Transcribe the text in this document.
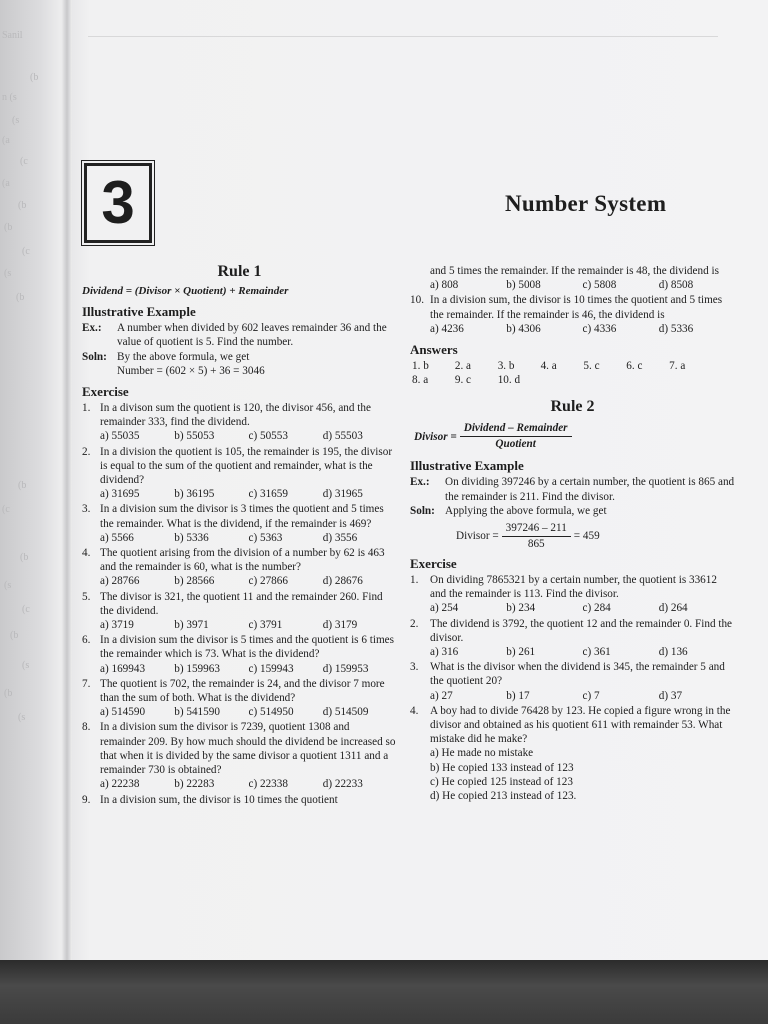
Sanil
(b
n (s
(s
(a
(c
(a
(b
(b
(c
(s
(b
(b
(c
(b
(s
(c
(b
(s
(b
(s
3	Number System
Rule 1
Dividend = (Divisor × Quotient) + Remainder
Illustrative Example
Ex.:	A number when divided by 602 leaves remainder 36 and the value of quotient is 5. Find the number.
Soln: By the above formula, we get
Number = (602 × 5) + 36 = 3046
Exercise
1. In a divison sum the quotient is 120, the divisor 456, and the remainder 333, find the dividend.
a) 55035	b) 55053	c) 50553	d) 55503
2. In a division the quotient is 105, the remainder is 195, the divisor is equal to the sum of the quotient and remainder, what is the dividend?
a) 31695	b) 36195	c) 31659	d) 31965
3. In a division sum the divisor is 3 times the quotient and 5 times the remainder. What is the dividend, if the remainder is 469?
a) 5566	b) 5336	c) 5363	d) 3556
4. The quotient arising from the division of a number by 62 is 463 and the remainder is 60, what is the number?
a) 28766	b) 28566	c) 27866	d) 28676
5. The divisor is 321, the quotient 11 and the remainder 260. Find the dividend.
a) 3719	b) 3971	c) 3791	d) 3179
6. In a division sum the divisor is 5 times and the quotient is 6 times the remainder which is 73. What is the dividend?
a) 169943	b) 159963	c) 159943	d) 159953
7. The quotient is 702, the remainder is 24, and the divisor 7 more than the sum of both. What is the dividend?
a) 514590	b) 541590	c) 514950	d) 514509
8. In a division sum the divisor is 7239, quotient 1308 and remainder 209. By how much should the dividend be increased so that when it is divided by the same divisor a quotient 1311 and a remainder 730 is obtained?
a) 22238	b) 22283	c) 22338	d) 22233
9. In a division sum, the divisor is 10 times the quotient
and 5 times the remainder. If the remainder is 48, the dividend is
a) 808	b) 5008	c) 5808	d) 8508
10. In a division sum, the divisor is 10 times the quotient and 5 times the remainder. If the remainder is 46, the dividend is
a) 4236	b) 4306	c) 4336	d) 5336
Answers
1. b	2. a	3. b	4. a	5. c	6. c	7. a
8. a	9. c	10. d
Rule 2
Divisor = $\frac{\text{Dividend – Remainder}}{\text{Quotient}}$
Illustrative Example
Ex.:	On dividing 397246 by a certain number, the quotient is 865 and the remainder is 211. Find the divisor.
Soln: Applying the above formula, we get
Divisor = $\frac{397246 - 211}{865} = 459$
Exercise
1.	On dividing 7865321 by a certain number, the quotient is 33612 and the remainder is 113. Find the divisor.
a) 254	b) 234	c) 284	d) 264
2.	The dividend is 3792, the quotient 12 and the remainder 0. Find the divisor.
a) 316	b) 261	c) 361	d) 136
3.	What is the divisor when the dividend is 345, the remainder 5 and the quotient 20?
a) 27	b) 17	c) 7	d) 37
4.	A boy had to divide 76428 by 123. He copied a figure wrong in the divisor and obtained as his quotient 611 with remainder 53. What mistake did he make?
a) He made no mistake
b) He copied 133 instead of 123
c) He copied 125 instead of 123
d) He copied 213 instead of 123.
